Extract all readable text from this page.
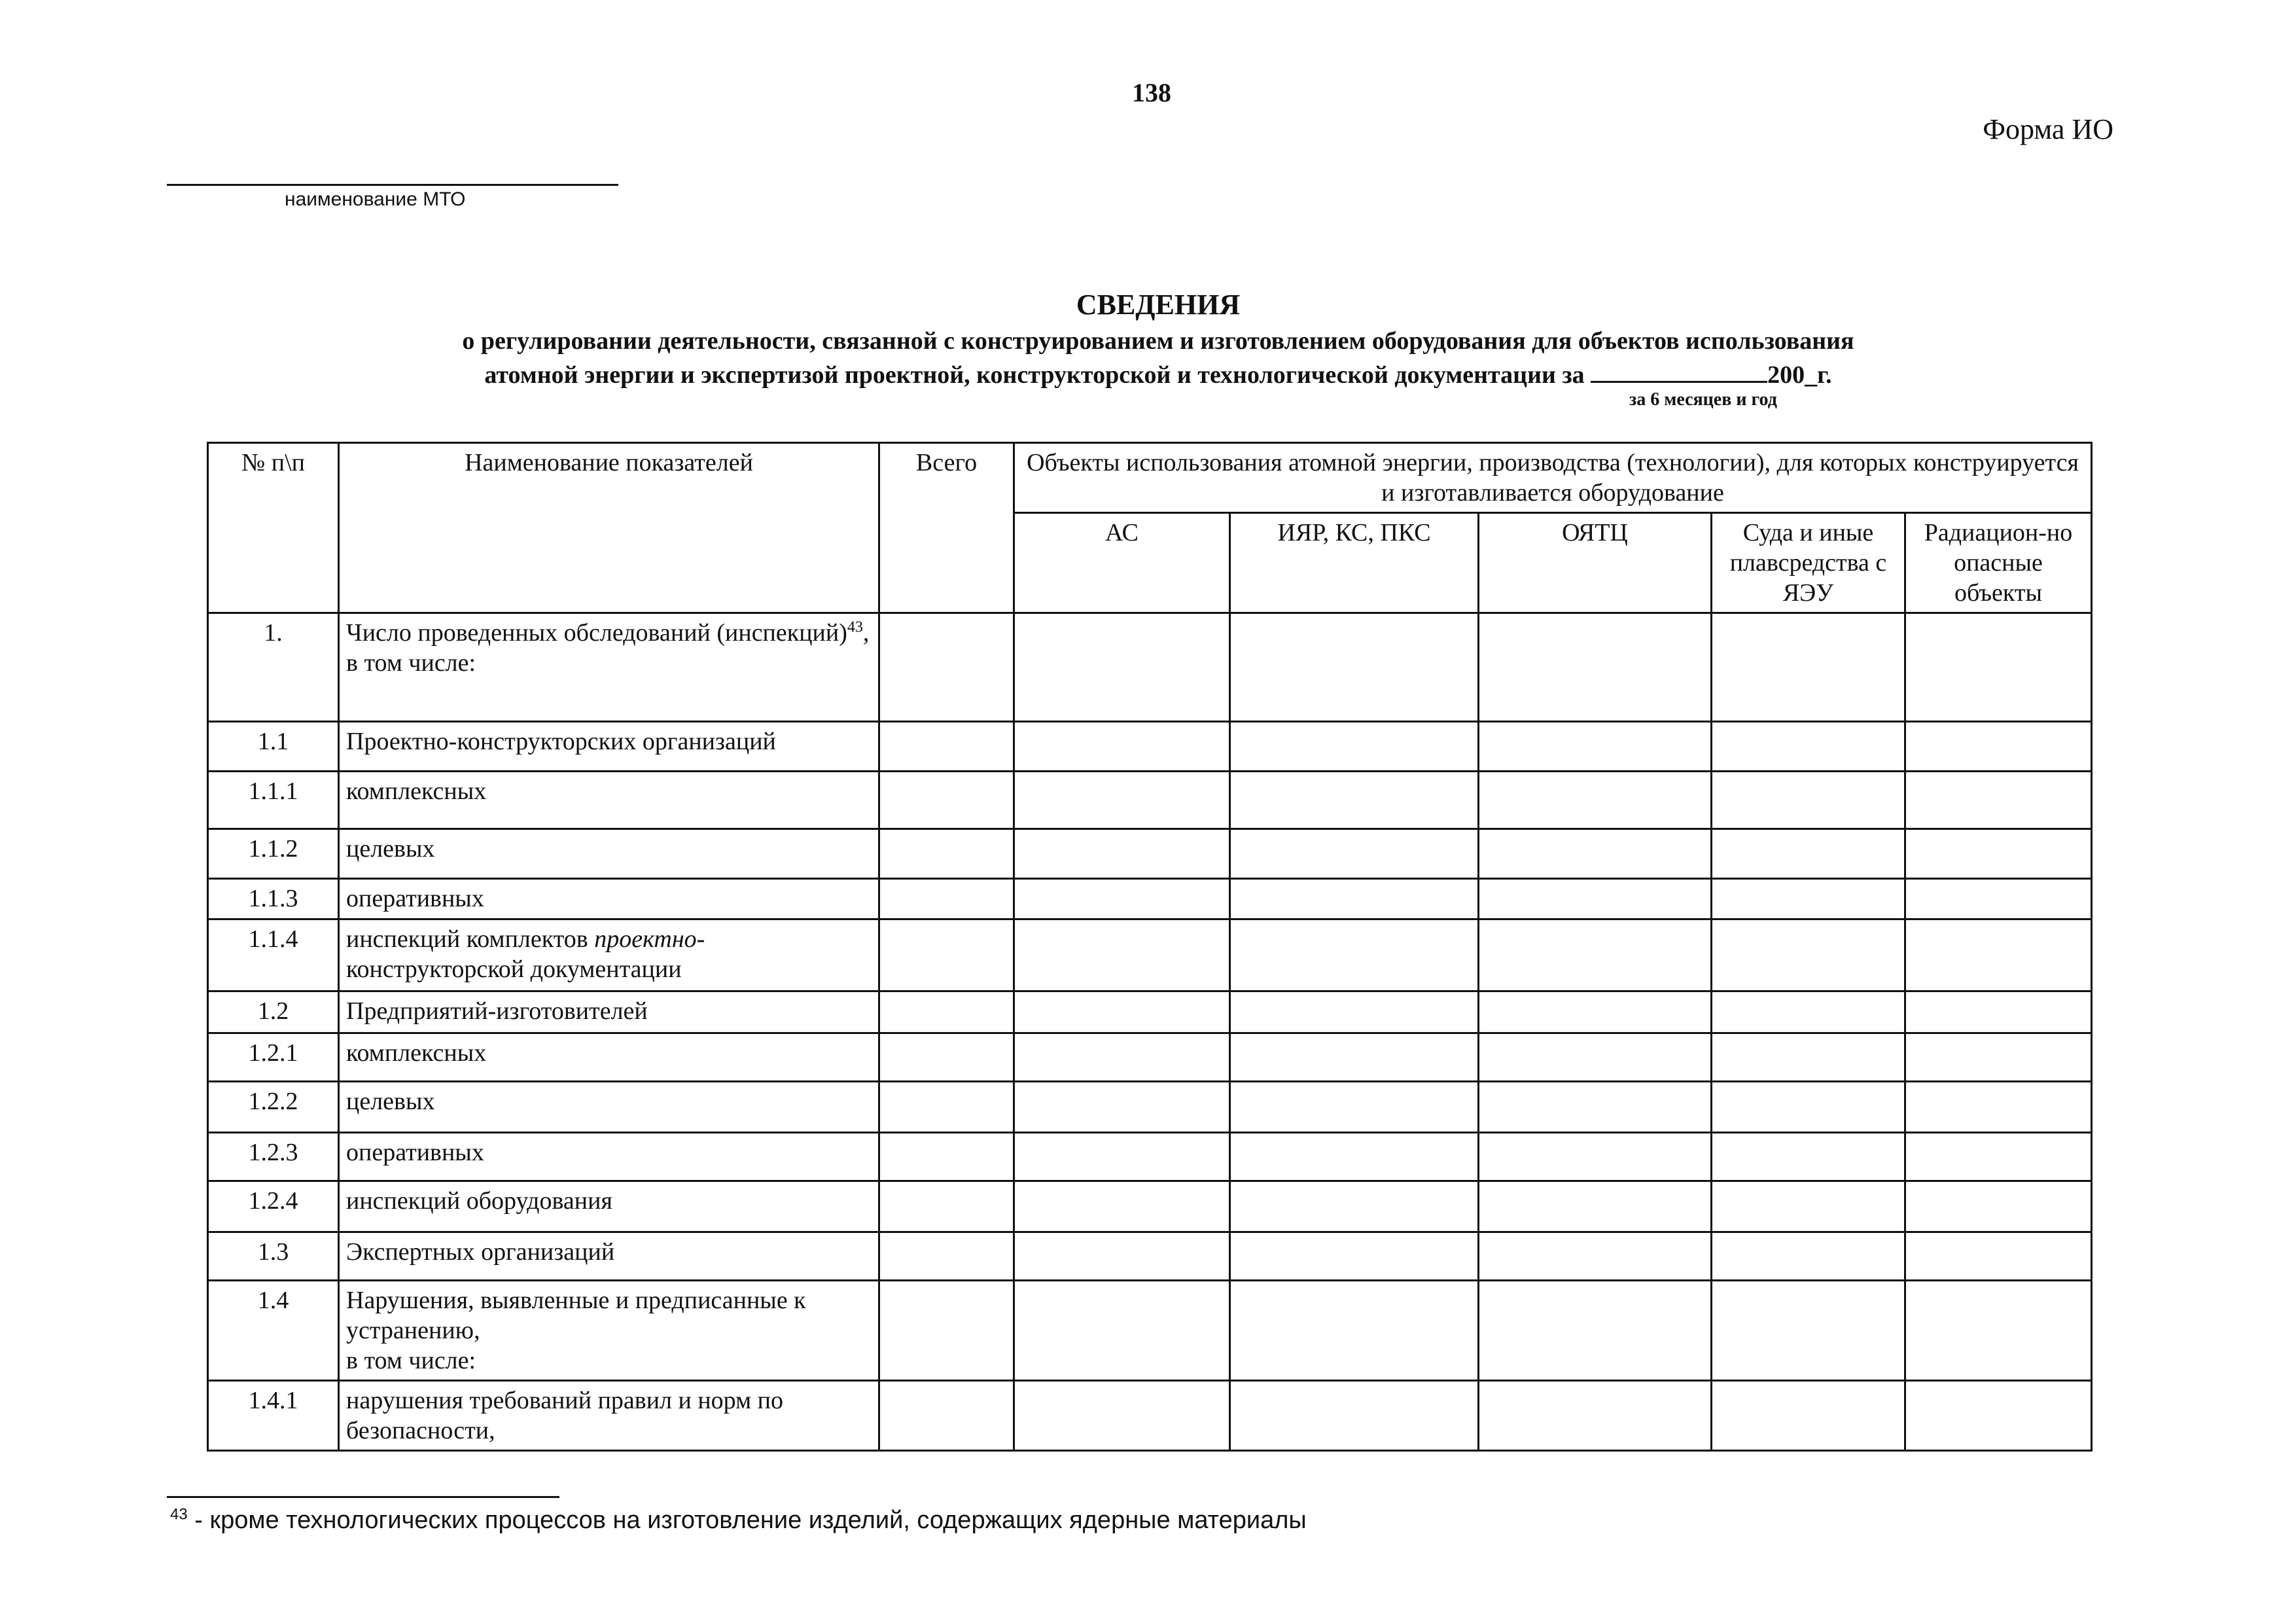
138
Форма ИО
наименование МТО
СВЕДЕНИЯ
о регулировании деятельности, связанной с конструированием и изготовлением оборудования для объектов использования
атомной энергии и экспертизой проектной, конструкторской и технологической документации за	200_г.
за 6 месяцев и год
№ п\п	Наименование показателей	Всего	Объекты использования атомной энергии, производства (технологии), для которых конструируется и изготавливается оборудование				
			АС	ИЯР, КС, ПКС	ОЯТЦ	Суда и иные плавсредства с ЯЭУ	Радиацион-но опасные объекты
1.	Число проведенных обследований (инспекций)$^{43}$,
в том числе:						

1.1	Проектно-конструкторских организаций						
1.1.1	комплексных						
1.1.2	целевых						
1.1.3	оперативных						
1.1.4	инспекций комплектов проектно-
конструкторской документации						

1.2	Предприятий-изготовителей						
1.2.1	комплексных						
1.2.2	целевых						
1.2.3	оперативных						
1.2.4	инспекций оборудования						
1.3	Экспертных организаций						
1.4	Нарушения, выявленные и предписанные к устранению,
в том числе:						

1.4.1	нарушения требований правил и норм по безопасности,						
$^{43}$ - кроме технологических процессов на изготовление изделий, содержащих ядерные материалы
